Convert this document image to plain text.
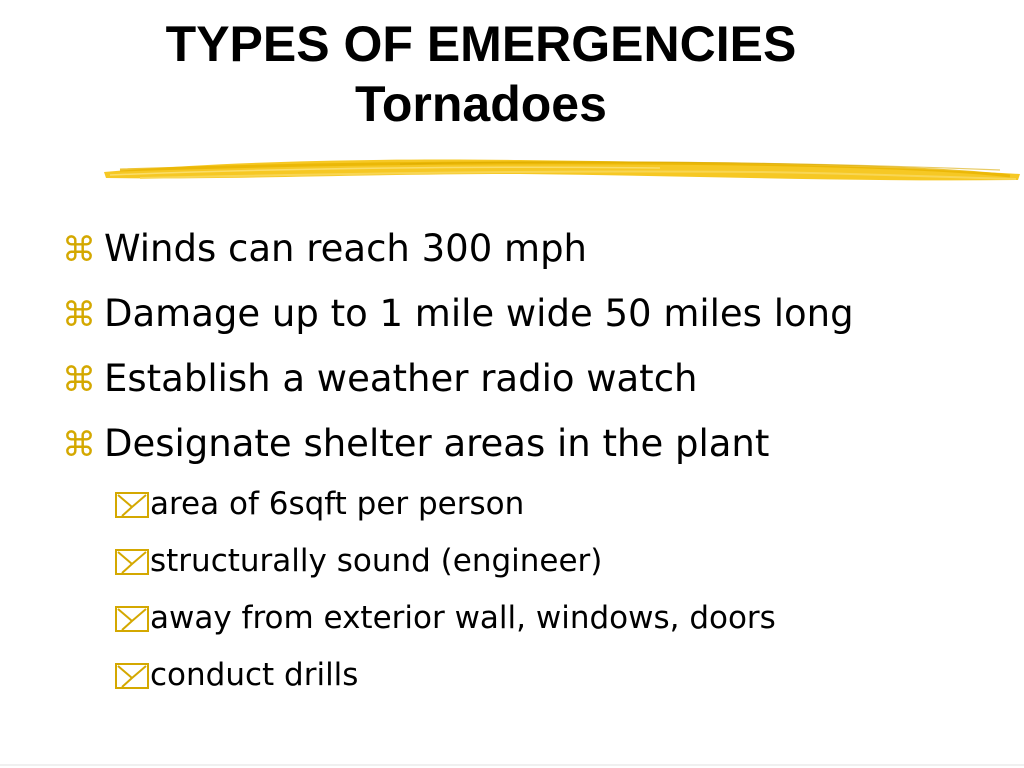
TYPES OF EMERGENCIES
Tornadoes
⌘ Winds can reach 300 mph
⌘ Damage up to 1 mile wide 50 miles long
⌘ Establish a weather radio watch
⌘ Designate shelter areas in the plant
area of 6sqft per person
structurally sound (engineer)
away from exterior wall, windows, doors
conduct drills
